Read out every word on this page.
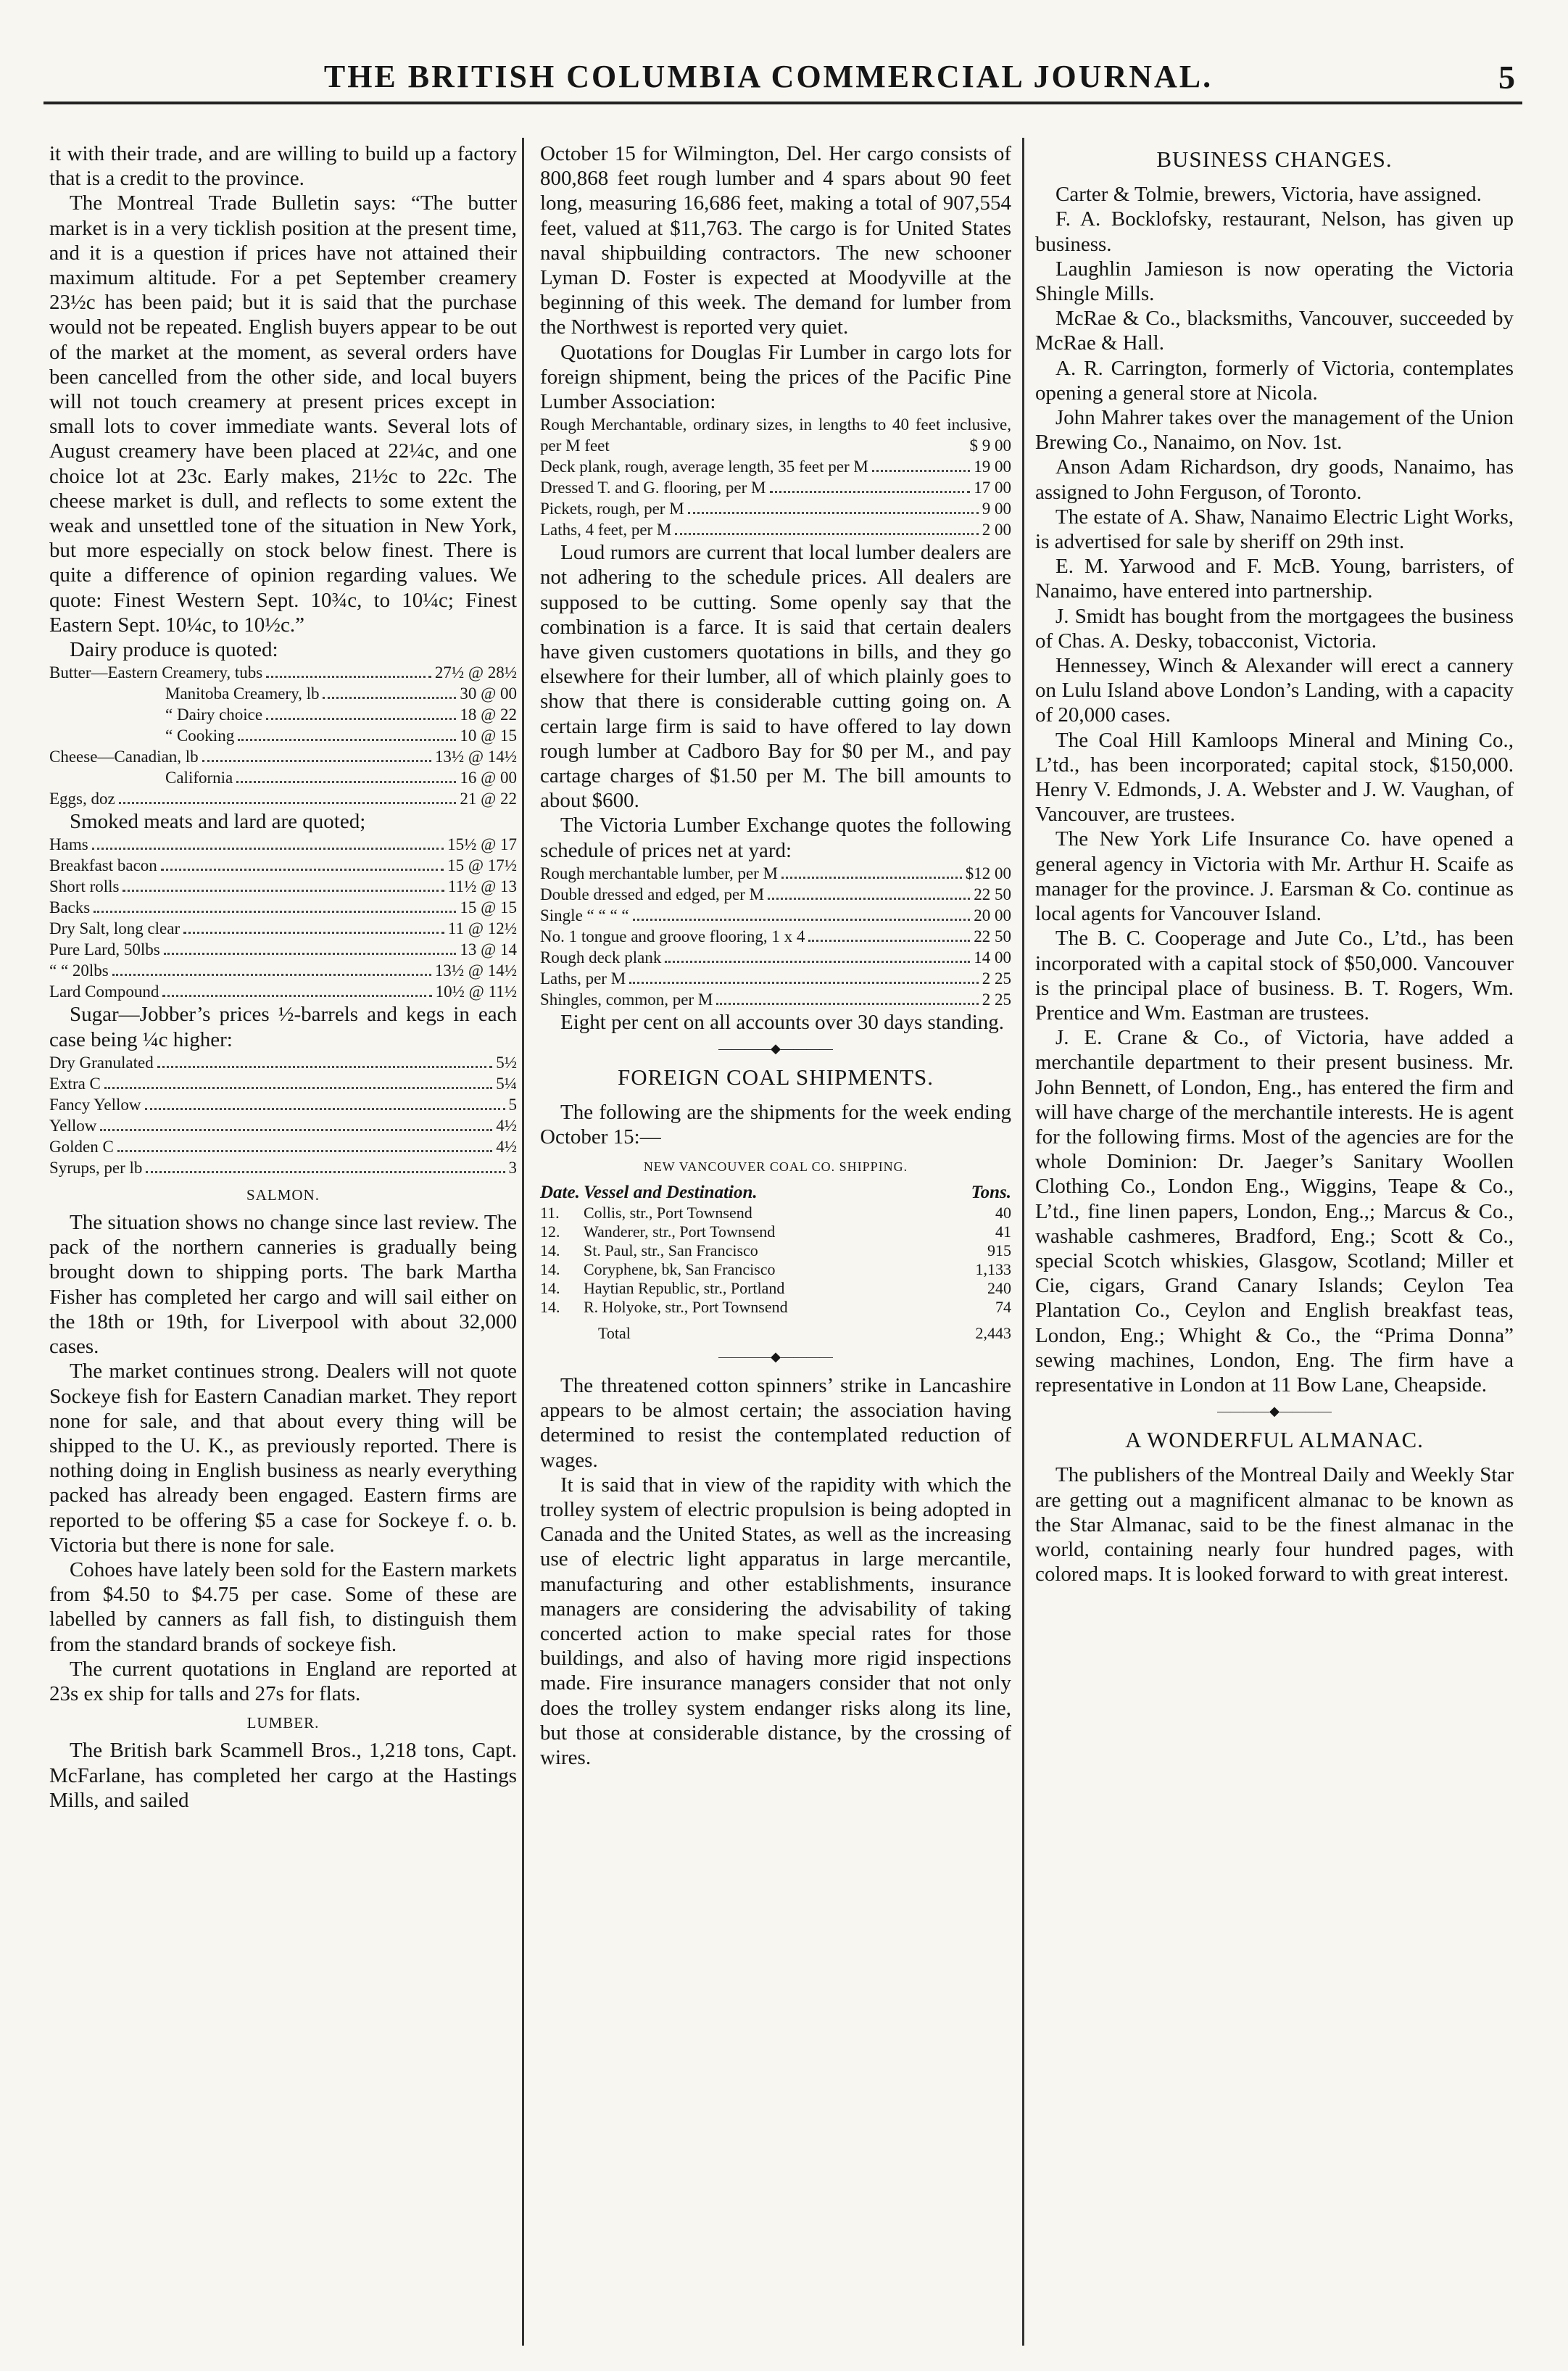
THE BRITISH COLUMBIA COMMERCIAL JOURNAL.	5

it with their trade, and are willing to build up a factory that is a credit to the province.

The Montreal Trade Bulletin says: “The butter market is in a very ticklish position at the present time, and it is a question if prices have not attained their maximum altitude. For a pet September creamery 23½c has been paid; but it is said that the purchase would not be repeated. English buyers appear to be out of the market at the moment, as several orders have been cancelled from the other side, and local buyers will not touch creamery at present prices except in small lots to cover immediate wants. Several lots of August creamery have been placed at 22¼c, and one choice lot at 23c. Early makes, 21½c to 22c. The cheese market is dull, and reflects to some extent the weak and unsettled tone of the situation in New York, but more especially on stock below finest. There is quite a difference of opinion regarding values. We quote: Finest Western Sept. 10¾c, to 10¼c; Finest Eastern Sept. 10¼c, to 10½c.”

Dairy produce is quoted:

Butter—Eastern Creamery, tubs	27½ @ 28½
Manitoba Creamery, lb	30 @ 00
“ Dairy choice	18 @ 22
“ Cooking	10 @ 15
Cheese—Canadian, lb	13½ @ 14½
California	16 @ 00
Eggs, doz	21 @ 22

Smoked meats and lard are quoted;

Hams	15½ @ 17
Breakfast bacon	15 @ 17½
Short rolls	11½ @ 13
Backs	15 @ 15
Dry Salt, long clear	11 @ 12½
Pure Lard, 50lbs	13 @ 14
“ “ 20lbs	13½ @ 14½
Lard Compound	10½ @ 11½

Sugar—Jobber’s prices ½-barrels and kegs in each case being ¼c higher:

Dry Granulated	5½
Extra C	5¼
Fancy Yellow	5
Yellow	4½
Golden C	4½
Syrups, per lb	3
SALMON.

The situation shows no change since last review. The pack of the northern canneries is gradually being brought down to shipping ports. The bark Martha Fisher has completed her cargo and will sail either on the 18th or 19th, for Liverpool with about 32,000 cases.

The market continues strong. Dealers will not quote Sockeye fish for Eastern Canadian market. They report none for sale, and that about every thing will be shipped to the U. K., as previously reported. There is nothing doing in English business as nearly everything packed has already been engaged. Eastern firms are reported to be offering $5 a case for Sockeye f. o. b. Victoria but there is none for sale.

Cohoes have lately been sold for the Eastern markets from $4.50 to $4.75 per case. Some of these are labelled by canners as fall fish, to distinguish them from the standard brands of sockeye fish.

The current quotations in England are reported at 23s ex ship for talls and 27s for flats.

LUMBER.

The British bark Scammell Bros., 1,218 tons, Capt. McFarlane, has completed her cargo at the Hastings Mills, and sailed

October 15 for Wilmington, Del. Her cargo consists of 800,868 feet rough lumber and 4 spars about 90 feet long, measuring 16,686 feet, making a total of 907,554 feet, valued at $11,763. The cargo is for United States naval shipbuilding contractors. The new schooner Lyman D. Foster is expected at Moodyville at the beginning of this week. The demand for lumber from the Northwest is reported very quiet.

Quotations for Douglas Fir Lumber in cargo lots for foreign shipment, being the prices of the Pacific Pine Lumber Association:

Rough Merchantable, ordinary sizes, in lengths to 40 feet inclusive, per M feet	$ 9 00
Deck plank, rough, average length, 35 feet per M	19 00
Dressed T. and G. flooring, per M	17 00
Pickets, rough, per M	9 00
Laths, 4 feet, per M	2 00

Loud rumors are current that local lumber dealers are not adhering to the schedule prices. All dealers are supposed to be cutting. Some openly say that the combination is a farce. It is said that certain dealers have given customers quotations in bills, and they go elsewhere for their lumber, all of which plainly goes to show that there is considerable cutting going on. A certain large firm is said to have offered to lay down rough lumber at Cadboro Bay for $0 per M., and pay cartage charges of $1.50 per M. The bill amounts to about $600.

The Victoria Lumber Exchange quotes the following schedule of prices net at yard:

Rough merchantable lumber, per M	$12 00
Double dressed and edged, per M	22 50
Single “ “ “ “	20 00
No. 1 tongue and groove flooring, 1 x 4	22 50
Rough deck plank	14 00
Laths, per M	2 25
Shingles, common, per M	2 25

Eight per cent on all accounts over 30 days standing.

————◆————
FOREIGN COAL SHIPMENTS.

The following are the shipments for the week ending October 15:—

NEW VANCOUVER COAL CO. SHIPPING.
Date.	Vessel and Destination.	Tons.
11.	Collis, str., Port Townsend	40
12.	Wanderer, str., Port Townsend	41
14.	St. Paul, str., San Francisco	915
14.	Coryphene, bk, San Francisco	1,133
14.	Haytian Republic, str., Portland	240
14.	R. Holyoke, str., Port Townsend	74
	Total	2,443
————◆————

The threatened cotton spinners’ strike in Lancashire appears to be almost certain; the association having determined to resist the contemplated reduction of wages.

It is said that in view of the rapidity with which the trolley system of electric propulsion is being adopted in Canada and the United States, as well as the increasing use of electric light apparatus in large mercantile, manufacturing and other establishments, insurance managers are considering the advisability of taking concerted action to make special rates for those buildings, and also of having more rigid inspections made. Fire insurance managers consider that not only does the trolley system endanger risks along its line, but those at considerable distance, by the crossing of wires.

BUSINESS CHANGES.

Carter & Tolmie, brewers, Victoria, have assigned.

F. A. Bocklofsky, restaurant, Nelson, has given up business.

Laughlin Jamieson is now operating the Victoria Shingle Mills.

McRae & Co., blacksmiths, Vancouver, succeeded by McRae & Hall.

A. R. Carrington, formerly of Victoria, contemplates opening a general store at Nicola.

John Mahrer takes over the management of the Union Brewing Co., Nanaimo, on Nov. 1st.

Anson Adam Richardson, dry goods, Nanaimo, has assigned to John Ferguson, of Toronto.

The estate of A. Shaw, Nanaimo Electric Light Works, is advertised for sale by sheriff on 29th inst.

E. M. Yarwood and F. McB. Young, barristers, of Nanaimo, have entered into partnership.

J. Smidt has bought from the mortgagees the business of Chas. A. Desky, tobacconist, Victoria.

Hennessey, Winch & Alexander will erect a cannery on Lulu Island above London’s Landing, with a capacity of 20,000 cases.

The Coal Hill Kamloops Mineral and Mining Co., L’td., has been incorporated; capital stock, $150,000. Henry V. Edmonds, J. A. Webster and J. W. Vaughan, of Vancouver, are trustees.

The New York Life Insurance Co. have opened a general agency in Victoria with Mr. Arthur H. Scaife as manager for the province. J. Earsman & Co. continue as local agents for Vancouver Island.

The B. C. Cooperage and Jute Co., L’td., has been incorporated with a capital stock of $50,000. Vancouver is the principal place of business. B. T. Rogers, Wm. Prentice and Wm. Eastman are trustees.

J. E. Crane & Co., of Victoria, have added a merchantile department to their present business. Mr. John Bennett, of London, Eng., has entered the firm and will have charge of the merchantile interests. He is agent for the following firms. Most of the agencies are for the whole Dominion: Dr. Jaeger’s Sanitary Woollen Clothing Co., London Eng., Wiggins, Teape & Co., L’td., fine linen papers, London, Eng.,; Marcus & Co., washable cashmeres, Bradford, Eng.; Scott & Co., special Scotch whiskies, Glasgow, Scotland; Miller et Cie, cigars, Grand Canary Islands; Ceylon Tea Plantation Co., Ceylon and English breakfast teas, London, Eng.; Whight & Co., the “Prima Donna” sewing machines, London, Eng. The firm have a representative in London at 11 Bow Lane, Cheapside.

————◆————
A WONDERFUL ALMANAC.

The publishers of the Montreal Daily and Weekly Star are getting out a magnificent almanac to be known as the Star Almanac, said to be the finest almanac in the world, containing nearly four hundred pages, with colored maps. It is looked forward to with great interest.
